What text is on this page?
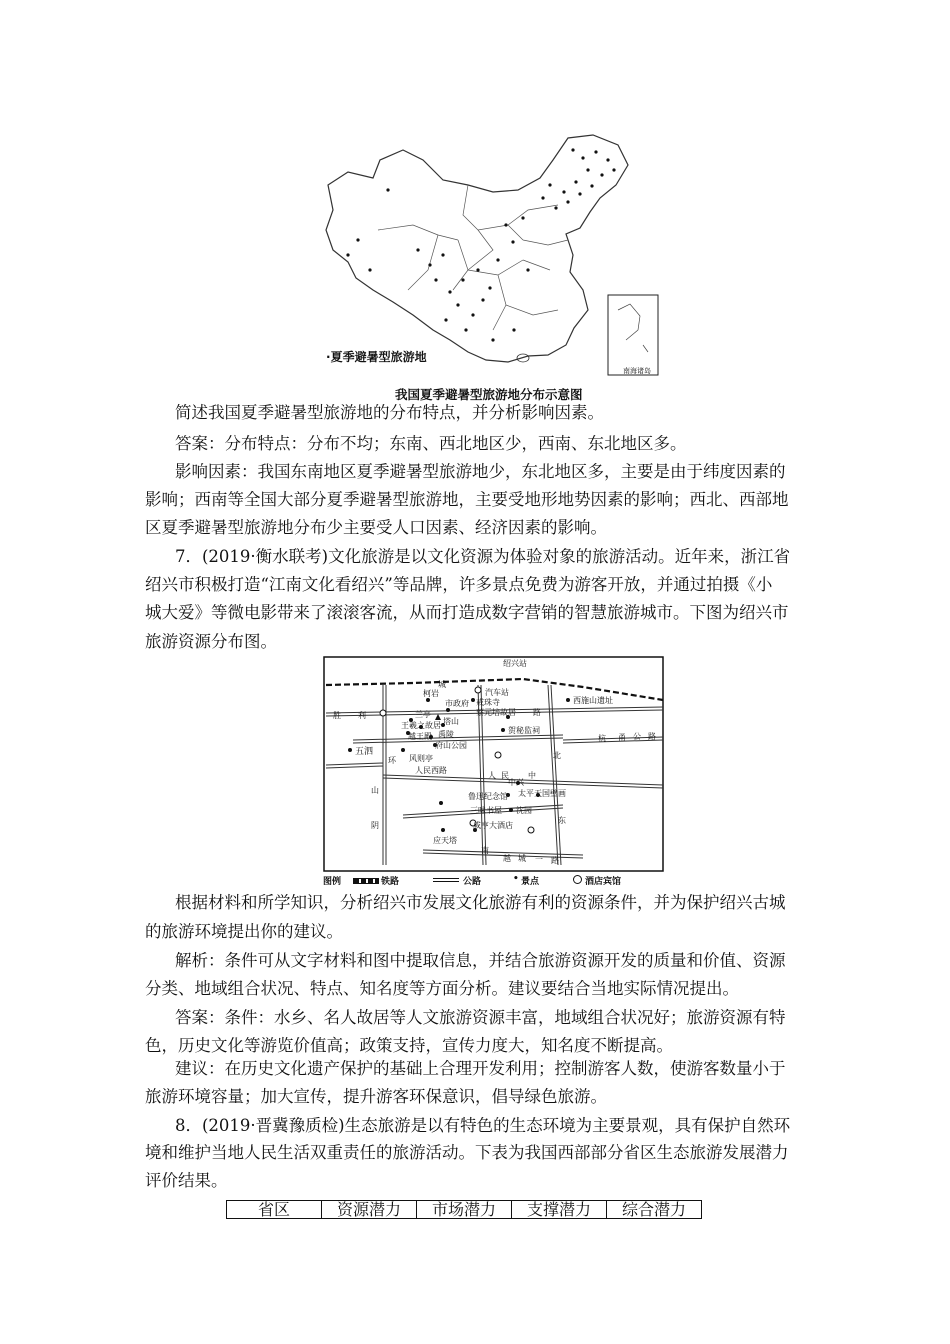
南海诸岛
·夏季避暑型旅游地
我国夏季避暑型旅游地分布示意图

简述我国夏季避暑型旅游地的分布特点，并分析影响因素。

答案：分布特点：分布不均；东南、西北地区少，西南、东北地区多。

影响因素：我国东南地区夏季避暑型旅游地少，东北地区多，主要是由于纬度因素的

影响；西南等全国大部分夏季避暑型旅游地，主要受地形地势因素的影响；西北、西部地

区夏季避暑型旅游地分布少主要受人口因素、经济因素的影响。

7．(2019·衡水联考)文化旅游是以文化资源为体验对象的旅游活动。近年来，浙江省

绍兴市积极打造“江南文化看绍兴”等品牌，许多景点免费为游客开放，并通过拍摄《小

城大爱》等微电影带来了滚滚客流，从而打造成数字营销的智慧旅游城市。下图为绍兴市

旅游资源分布图。

绍兴站
汽车站
柯岩
市政府 戒珠寺
蔡元培故居
兰亭
王羲之故居 塔山
越王殿 禹陵	贺秘监祠
府山公园
五泗
风则亭
人民西路
鲁迅纪念馆
三味书屋 沈园
应天塔
咸亨大酒店
中兴
太平天国壁画
西施山遗址
城
胜 利	路
环
山
阴
人 民 中
北
东
南
越 城 一 路
杭 甬 公 路
图例	铁路	公路	• 景点	酒店宾馆

根据材料和所学知识，分析绍兴市发展文化旅游有利的资源条件，并为保护绍兴古城

的旅游环境提出你的建议。

解析：条件可从文字材料和图中提取信息，并结合旅游资源开发的质量和价值、资源

分类、地域组合状况、特点、知名度等方面分析。建议要结合当地实际情况提出。

答案：条件：水乡、名人故居等人文旅游资源丰富，地域组合状况好；旅游资源有特

色，历史文化等游览价值高；政策支持，宣传力度大，知名度不断提高。

建议：在历史文化遗产保护的基础上合理开发利用；控制游客人数，使游客数量小于

旅游环境容量；加大宣传，提升游客环保意识，倡导绿色旅游。

8．(2019·晋冀豫质检)生态旅游是以有特色的生态环境为主要景观，具有保护自然环

境和维护当地人民生活双重责任的旅游活动。下表为我国西部部分省区生态旅游发展潜力

评价结果。

省区	资源潜力	市场潜力	支撑潜力	综合潜力
